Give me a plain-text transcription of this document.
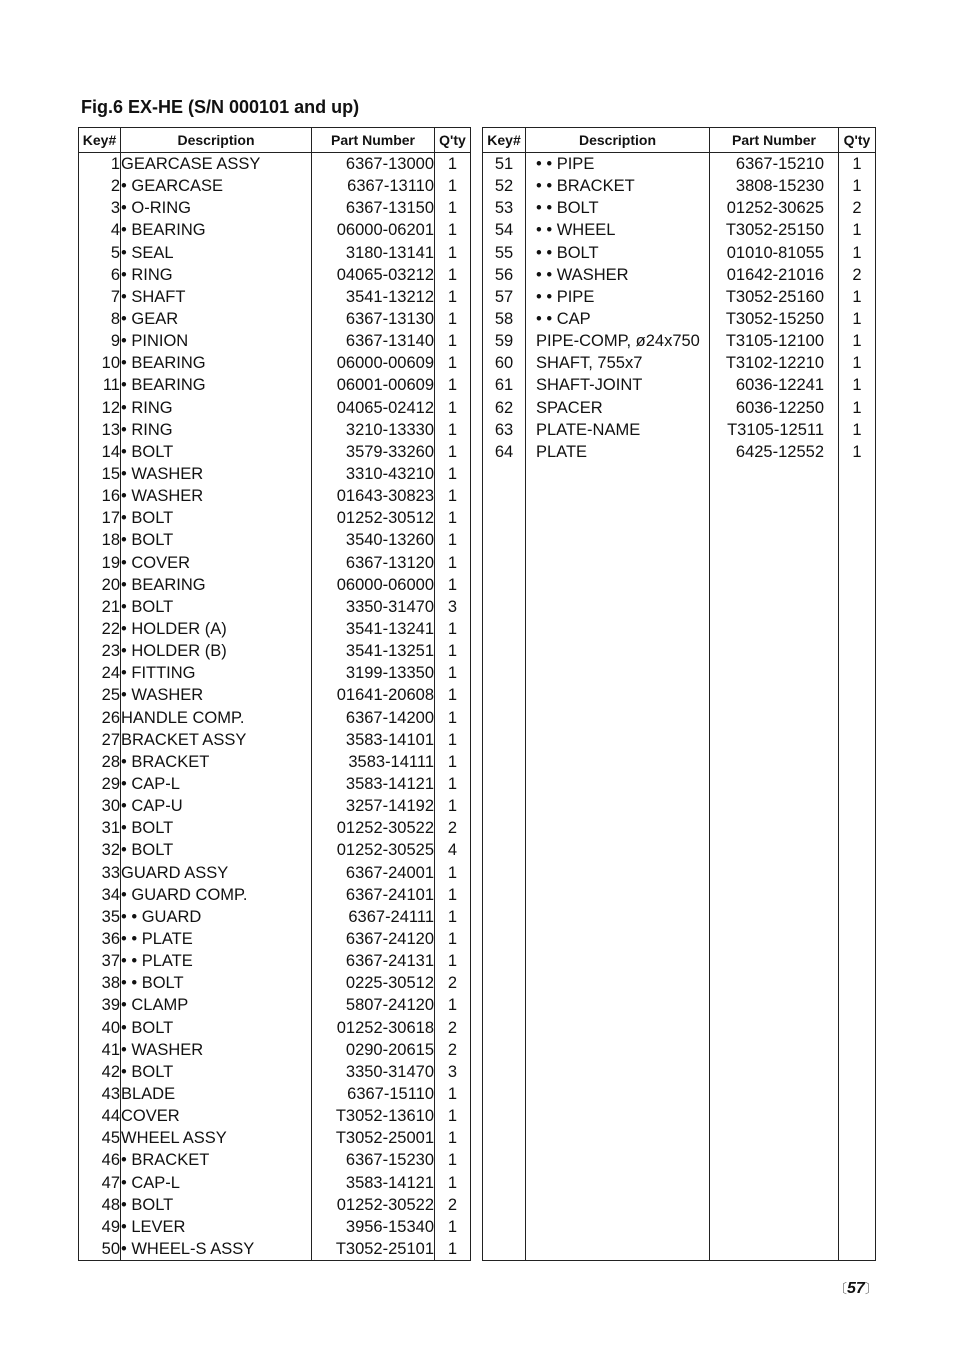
Fig.6 EX-HE (S/N 000101 and up)
Key#	Description	Part Number	Q'ty
1	GEARCASE ASSY	6367-13000	1
2	• GEARCASE	6367-13110	1
3	• O-RING	6367-13150	1
4	• BEARING	06000-06201	1
5	• SEAL	3180-13141	1
6	• RING	04065-03212	1
7	• SHAFT	3541-13212	1
8	• GEAR	6367-13130	1
9	• PINION	6367-13140	1
10	• BEARING	06000-00609	1
11	• BEARING	06001-00609	1
12	• RING	04065-02412	1
13	• RING	3210-13330	1
14	• BOLT	3579-33260	1
15	• WASHER	3310-43210	1
16	• WASHER	01643-30823	1
17	• BOLT	01252-30512	1
18	• BOLT	3540-13260	1
19	• COVER	6367-13120	1
20	• BEARING	06000-06000	1
21	• BOLT	3350-31470	3
22	• HOLDER (A)	3541-13241	1
23	• HOLDER (B)	3541-13251	1
24	• FITTING	3199-13350	1
25	• WASHER	01641-20608	1
26	HANDLE COMP.	6367-14200	1
27	BRACKET ASSY	3583-14101	1
28	• BRACKET	3583-14111	1
29	• CAP-L	3583-14121	1
30	• CAP-U	3257-14192	1
31	• BOLT	01252-30522	2
32	• BOLT	01252-30525	4
33	GUARD ASSY	6367-24001	1
34	• GUARD COMP.	6367-24101	1
35	• • GUARD	6367-24111	1
36	• • PLATE	6367-24120	1
37	• • PLATE	6367-24131	1
38	• • BOLT	0225-30512	2
39	• CLAMP	5807-24120	1
40	• BOLT	01252-30618	2
41	• WASHER	0290-20615	2
42	• BOLT	3350-31470	3
43	BLADE	6367-15110	1
44	COVER	T3052-13610	1
45	WHEEL ASSY	T3052-25001	1
46	• BRACKET	6367-15230	1
47	• CAP-L	3583-14121	1
48	• BOLT	01252-30522	2
49	• LEVER	3956-15340	1
50	• WHEEL-S ASSY	T3052-25101	1
Key#	Description	Part Number	Q'ty
51	• • PIPE	6367-15210	1
52	• • BRACKET	3808-15230	1
53	• • BOLT	01252-30625	2
54	• • WHEEL	T3052-25150	1
55	• • BOLT	01010-81055	1
56	• • WASHER	01642-21016	2
57	• • PIPE	T3052-25160	1
58	• • CAP	T3052-15250	1
59	PIPE-COMP, ø24x750	T3105-12100	1
60	SHAFT, 755x7	T3102-12210	1
61	SHAFT-JOINT	6036-12241	1
62	SPACER	6036-12250	1
63	PLATE-NAME	T3105-12511	1
64	PLATE	6425-12552	1

〔57〕
